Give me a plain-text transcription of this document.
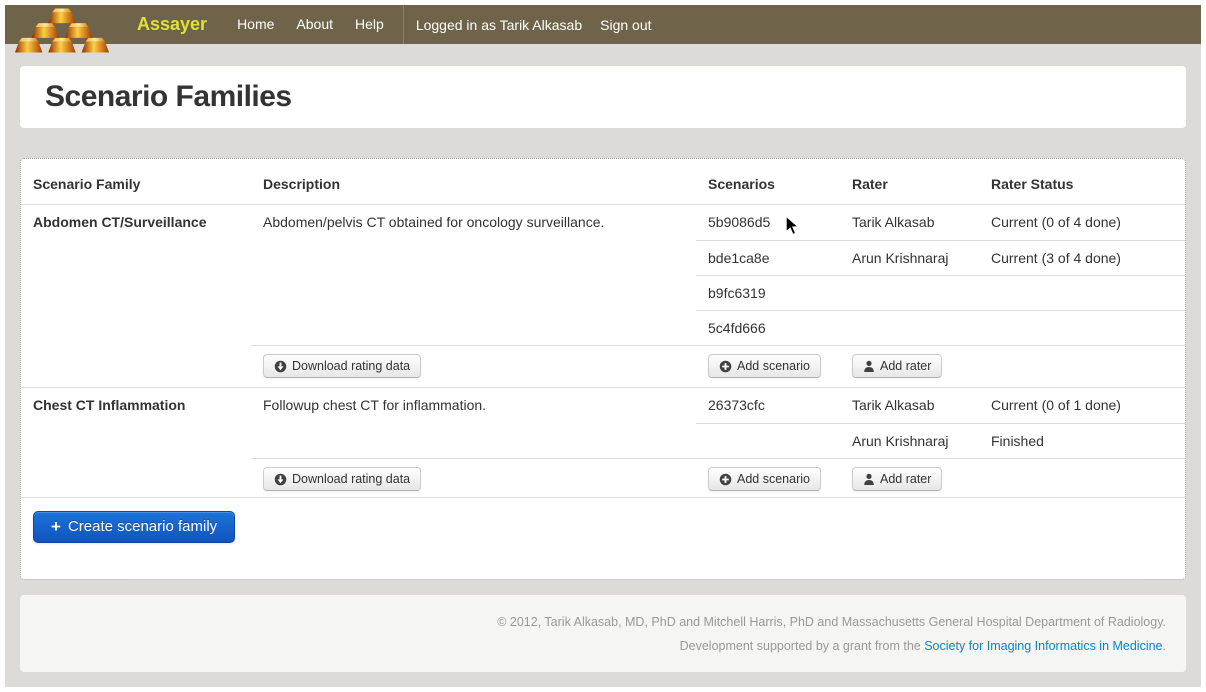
Assayer	Home	About	Help	Logged in as Tarik Alkasab Sign out
Scenario Families
Scenario Family	Description	Scenarios	Rater	Rater Status
Abdomen CT/Surveillance	Abdomen/pelvis CT obtained for oncology surveillance.	5b9086d5	Tarik Alkasab	Current (0 of 4 done)
bde1ca8e	Arun Krishnaraj	Current (3 of 4 done)
b9fc6319
5c4fd666
Download rating data	Add scenario	Add rater
Chest CT Inflammation	Followup chest CT for inflammation.	26373cfc	Tarik Alkasab	Current (0 of 1 done)
Arun Krishnaraj	Finished
Download rating data	Add scenario	Add rater
+ Create scenario family
© 2012, Tarik Alkasab, MD, PhD and Mitchell Harris, PhD and Massachusetts General Hospital Department of Radiology.
Development supported by a grant from the Society for Imaging Informatics in Medicine.
